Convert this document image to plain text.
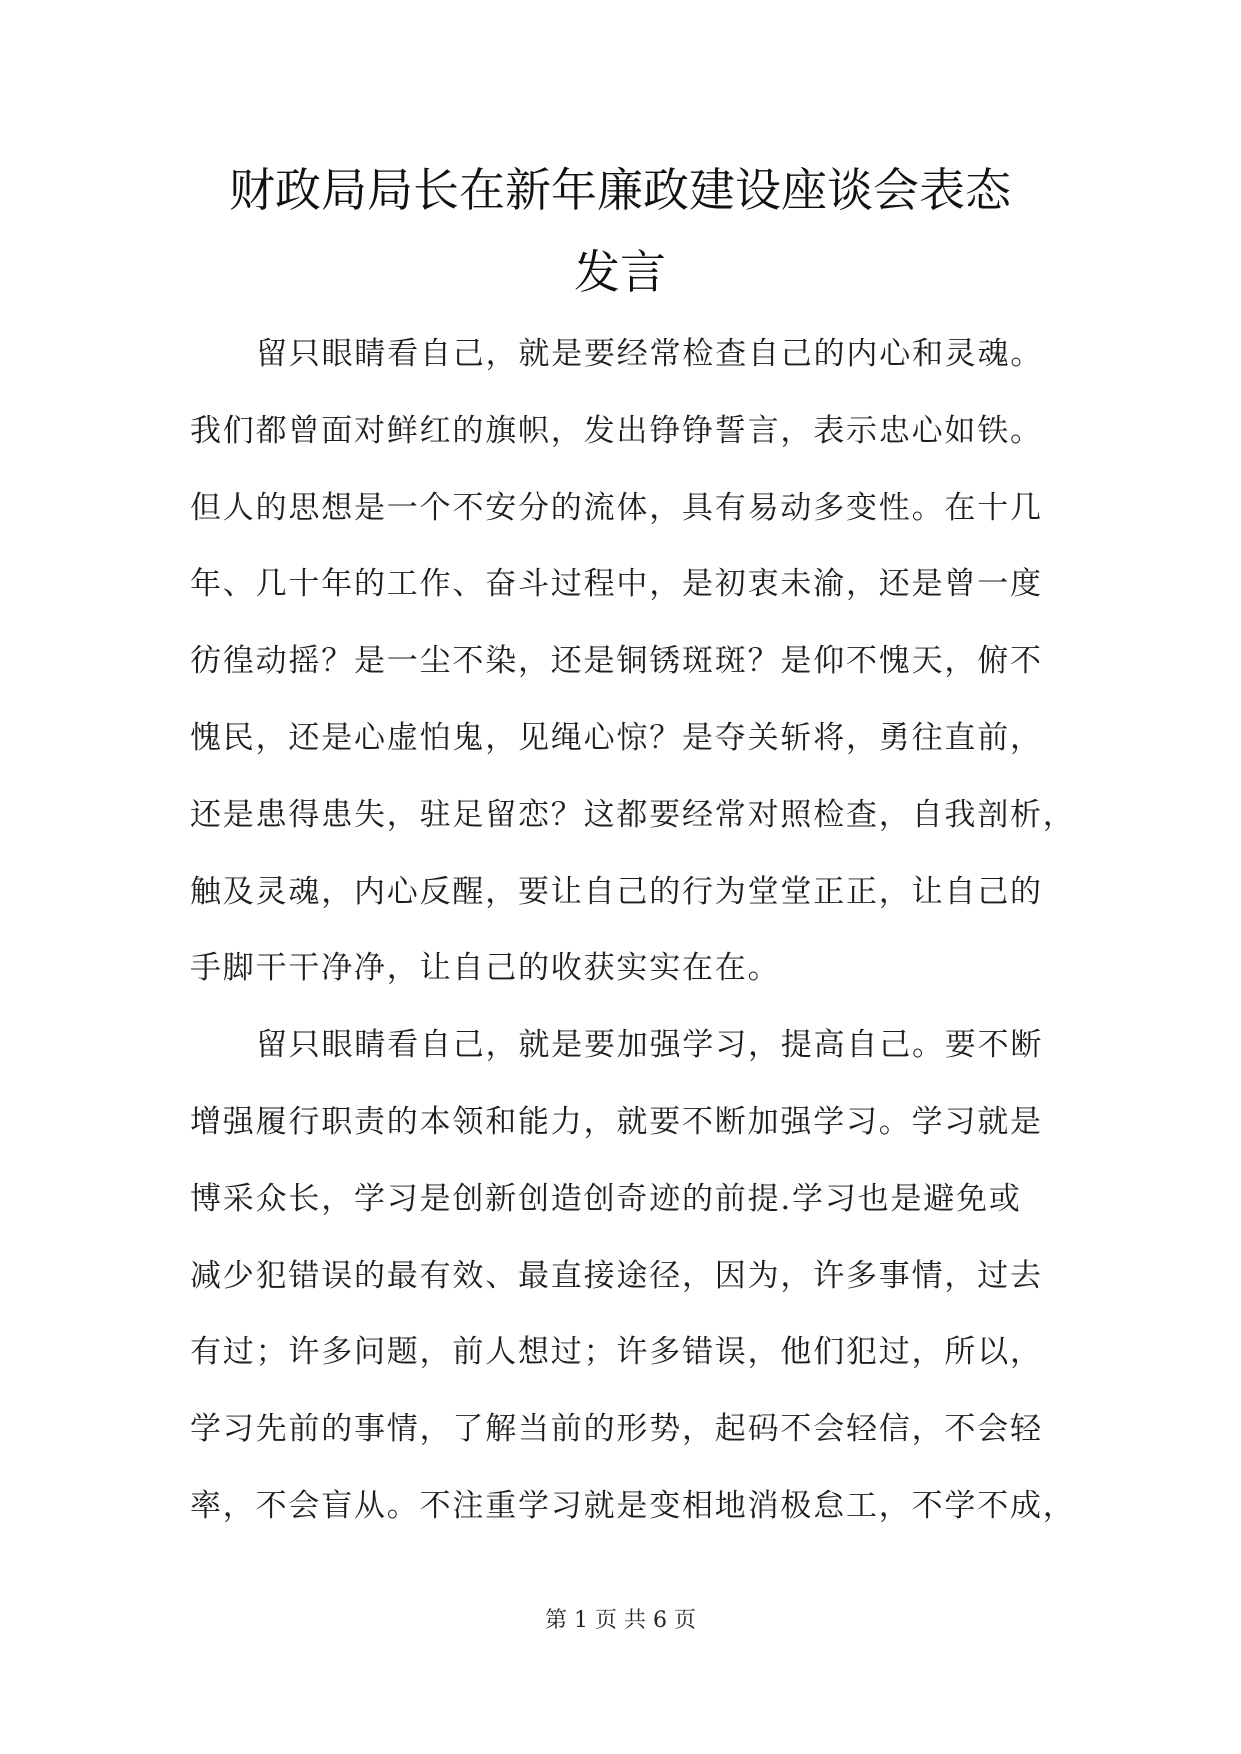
财政局局长在新年廉政建设座谈会表态
发言
留只眼睛看自己，就是要经常检查自己的内心和灵魂。
我们都曾面对鲜红的旗帜，发出铮铮誓言，表示忠心如铁。
但人的思想是一个不安分的流体，具有易动多变性。在十几
年、几十年的工作、奋斗过程中，是初衷未渝，还是曾一度
彷徨动摇？是一尘不染，还是铜锈斑斑？是仰不愧天，俯不
愧民，还是心虚怕鬼，见绳心惊？是夺关斩将，勇往直前，
还是患得患失，驻足留恋？这都要经常对照检查，自我剖析，
触及灵魂，内心反醒，要让自己的行为堂堂正正，让自己的
手脚干干净净，让自己的收获实实在在。
留只眼睛看自己，就是要加强学习，提高自己。要不断
增强履行职责的本领和能力，就要不断加强学习。学习就是
博采众长，学习是创新创造创奇迹的前提.学习也是避免或
减少犯错误的最有效、最直接途径，因为，许多事情，过去
有过；许多问题，前人想过；许多错误，他们犯过，所以，
学习先前的事情，了解当前的形势，起码不会轻信，不会轻
率，不会盲从。不注重学习就是变相地消极怠工，不学不成，
第 1 页 共 6 页
